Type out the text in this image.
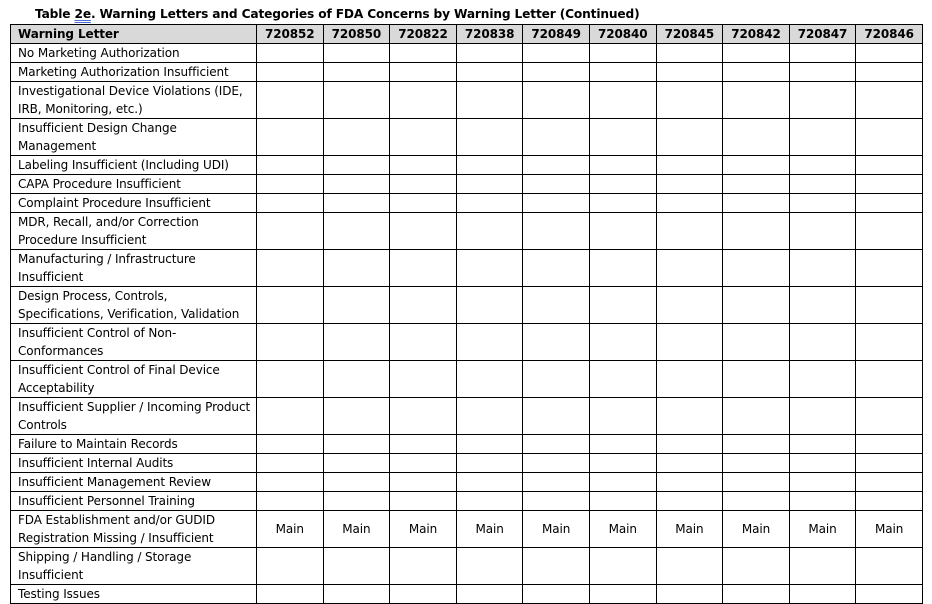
Table 2e. Warning Letters and Categories of FDA Concerns by Warning Letter (Continued)
Warning Letter	720852	720850	720822	720838	720849	720840	720845	720842	720847	720846
No Marketing Authorization										
Marketing Authorization Insufficient										
Investigational Device Violations (IDE, IRB, Monitoring, etc.)										
Insufficient Design Change Management										
Labeling Insufficient (Including UDI)										
CAPA Procedure Insufficient										
Complaint Procedure Insufficient										
MDR, Recall, and/or Correction Procedure Insufficient										
Manufacturing / Infrastructure Insufficient										
Design Process, Controls, Specifications, Verification, Validation										
Insufficient Control of Non-Conformances										
Insufficient Control of Final Device Acceptability										
Insufficient Supplier / Incoming Product Controls										
Failure to Maintain Records										
Insufficient Internal Audits										
Insufficient Management Review										
Insufficient Personnel Training										
FDA Establishment and/or GUDID Registration Missing / Insufficient	Main	Main	Main	Main	Main	Main	Main	Main	Main	Main
Shipping / Handling / Storage Insufficient										
Testing Issues										
